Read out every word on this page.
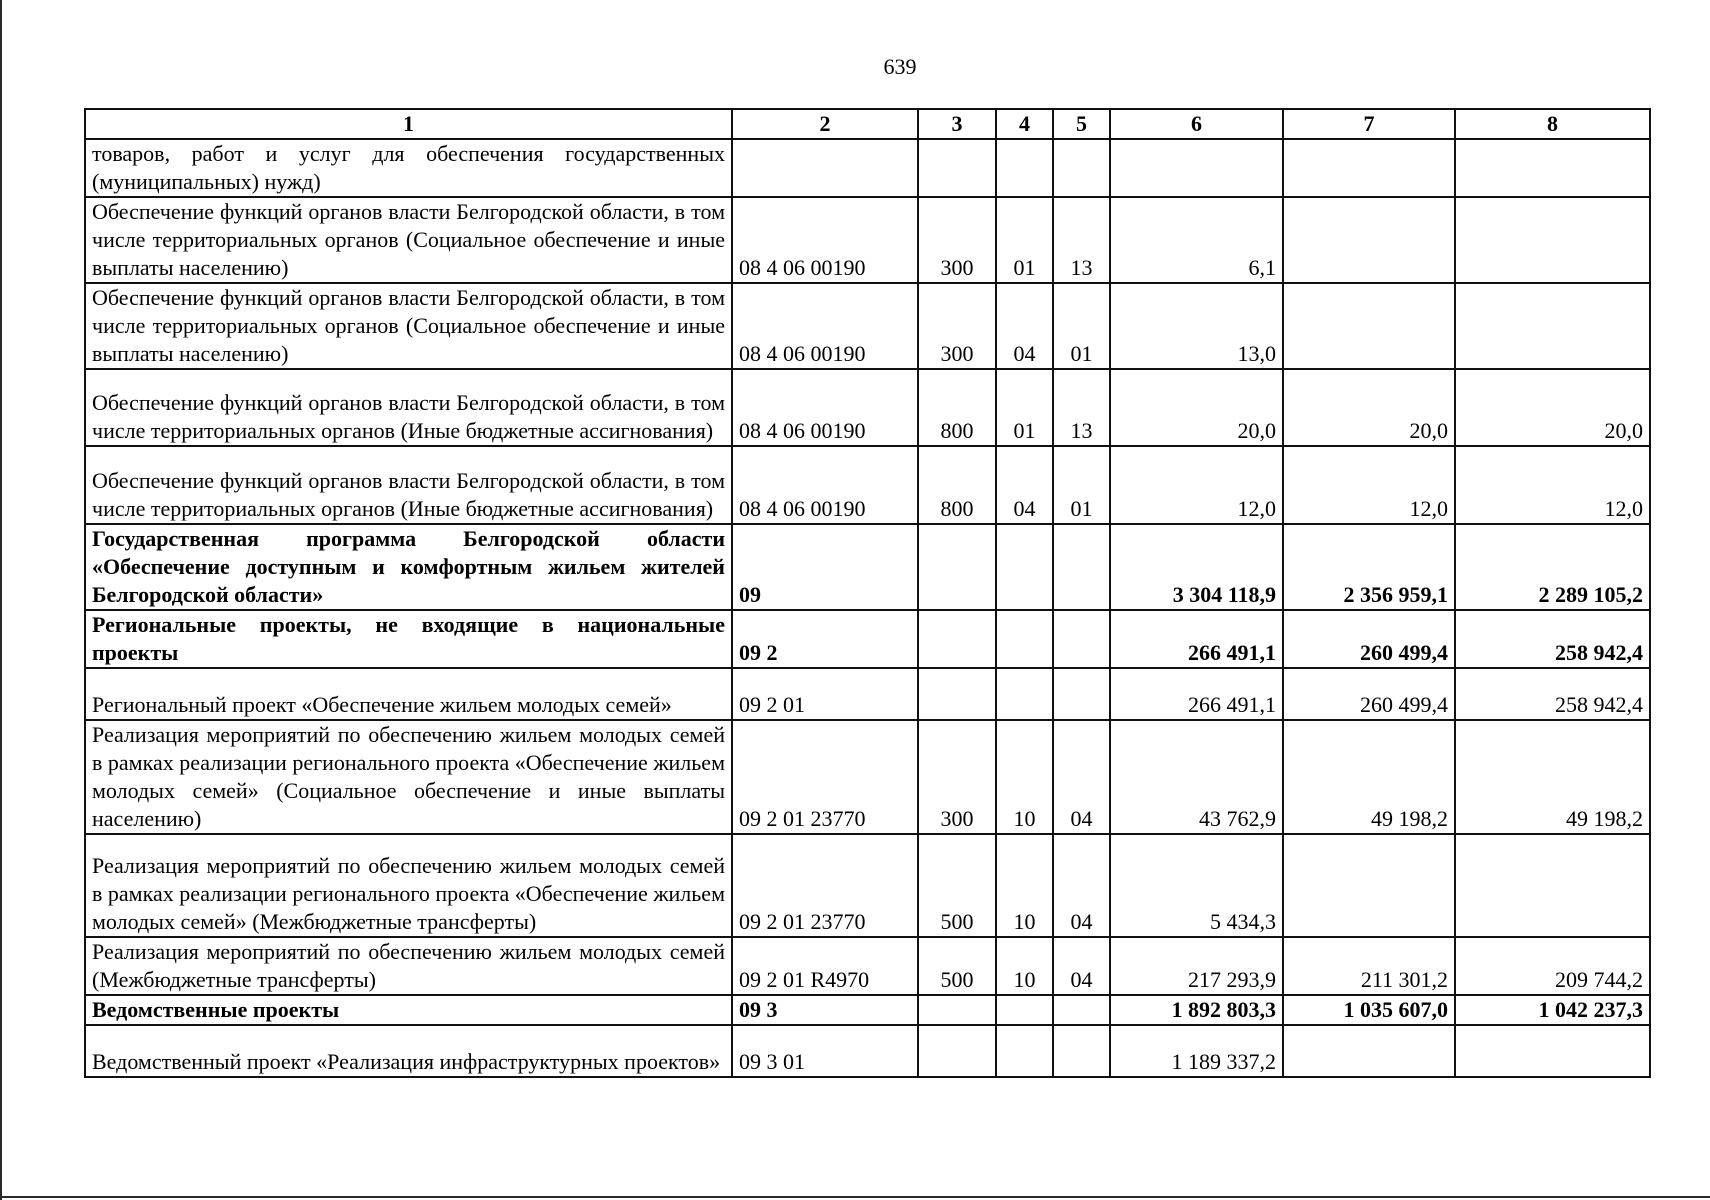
639
1	2	3	4	5	6	7	8
товаров, работ и услуг для обеспечения государственных (муниципальных) нужд)							
Обеспечение функций органов власти Белгородской области, в том числе территориальных органов (Социальное обеспечение и иные выплаты населению)	08 4 06 00190	300	01	13	6,1		
Обеспечение функций органов власти Белгородской области, в том числе территориальных органов (Социальное обеспечение и иные выплаты населению)	08 4 06 00190	300	04	01	13,0		
Обеспечение функций органов власти Белгородской области, в том числе территориальных органов (Иные бюджетные ассигнования)	08 4 06 00190	800	01	13	20,0	20,0	20,0
Обеспечение функций органов власти Белгородской области, в том числе территориальных органов (Иные бюджетные ассигнования)	08 4 06 00190	800	04	01	12,0	12,0	12,0
Государственная программа Белгородской области «Обеспечение доступным и комфортным жильем жителей Белгородской области»	09				3 304 118,9	2 356 959,1	2 289 105,2
Региональные проекты, не входящие в национальные проекты	09 2				266 491,1	260 499,4	258 942,4
Региональный проект «Обеспечение жильем молодых семей»	09 2 01				266 491,1	260 499,4	258 942,4
Реализация мероприятий по обеспечению жильем молодых семей в рамках реализации регионального проекта «Обеспечение жильем молодых семей» (Социальное обеспечение и иные выплаты населению)	09 2 01 23770	300	10	04	43 762,9	49 198,2	49 198,2
Реализация мероприятий по обеспечению жильем молодых семей в рамках реализации регионального проекта «Обеспечение жильем молодых семей» (Межбюджетные трансферты)	09 2 01 23770	500	10	04	5 434,3		
Реализация мероприятий по обеспечению жильем молодых семей (Межбюджетные трансферты)	09 2 01 R4970	500	10	04	217 293,9	211 301,2	209 744,2
Ведомственные проекты	09 3				1 892 803,3	1 035 607,0	1 042 237,3
Ведомственный проект «Реализация инфраструктурных проектов»	09 3 01				1 189 337,2		
